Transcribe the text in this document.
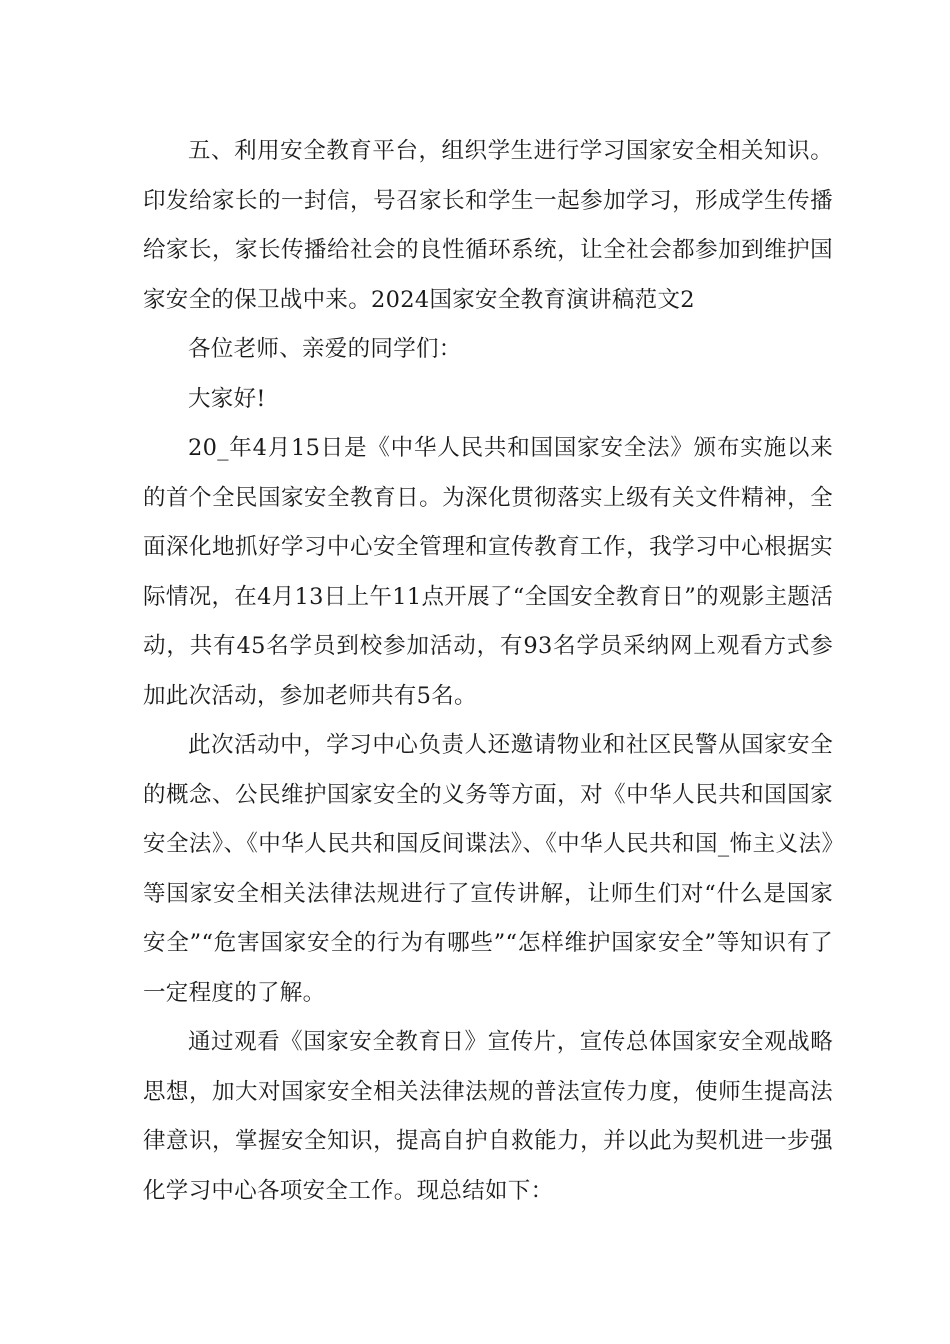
五、利用安全教育平台，组织学生进行学习国家安全相关知识。印发给家长的一封信，号召家长和学生一起参加学习，形成学生传播给家长，家长传播给社会的良性循环系统，让全社会都参加到维护国家安全的保卫战中来。2024国家安全教育演讲稿范文2

各位老师、亲爱的同学们：

大家好!

20_年4月15日是《中华人民共和国国家安全法》颁布实施以来的首个全民国家安全教育日。为深化贯彻落实上级有关文件精神，全面深化地抓好学习中心安全管理和宣传教育工作，我学习中心根据实际情况，在4月13日上午11点开展了“全国安全教育日”的观影主题活动，共有45名学员到校参加活动，有93名学员采纳网上观看方式参加此次活动，参加老师共有5名。

此次活动中，学习中心负责人还邀请物业和社区民警从国家安全的概念、公民维护国家安全的义务等方面，对《中华人民共和国国家安全法》、《中华人民共和国反间谍法》、《中华人民共和国_怖主义法》等国家安全相关法律法规进行了宣传讲解，让师生们对“什么是国家安全”“危害国家安全的行为有哪些”“怎样维护国家安全”等知识有了一定程度的了解。

通过观看《国家安全教育日》宣传片，宣传总体国家安全观战略思想，加大对国家安全相关法律法规的普法宣传力度，使师生提高法律意识，掌握安全知识，提高自护自救能力，并以此为契机进一步强化学习中心各项安全工作。现总结如下：
